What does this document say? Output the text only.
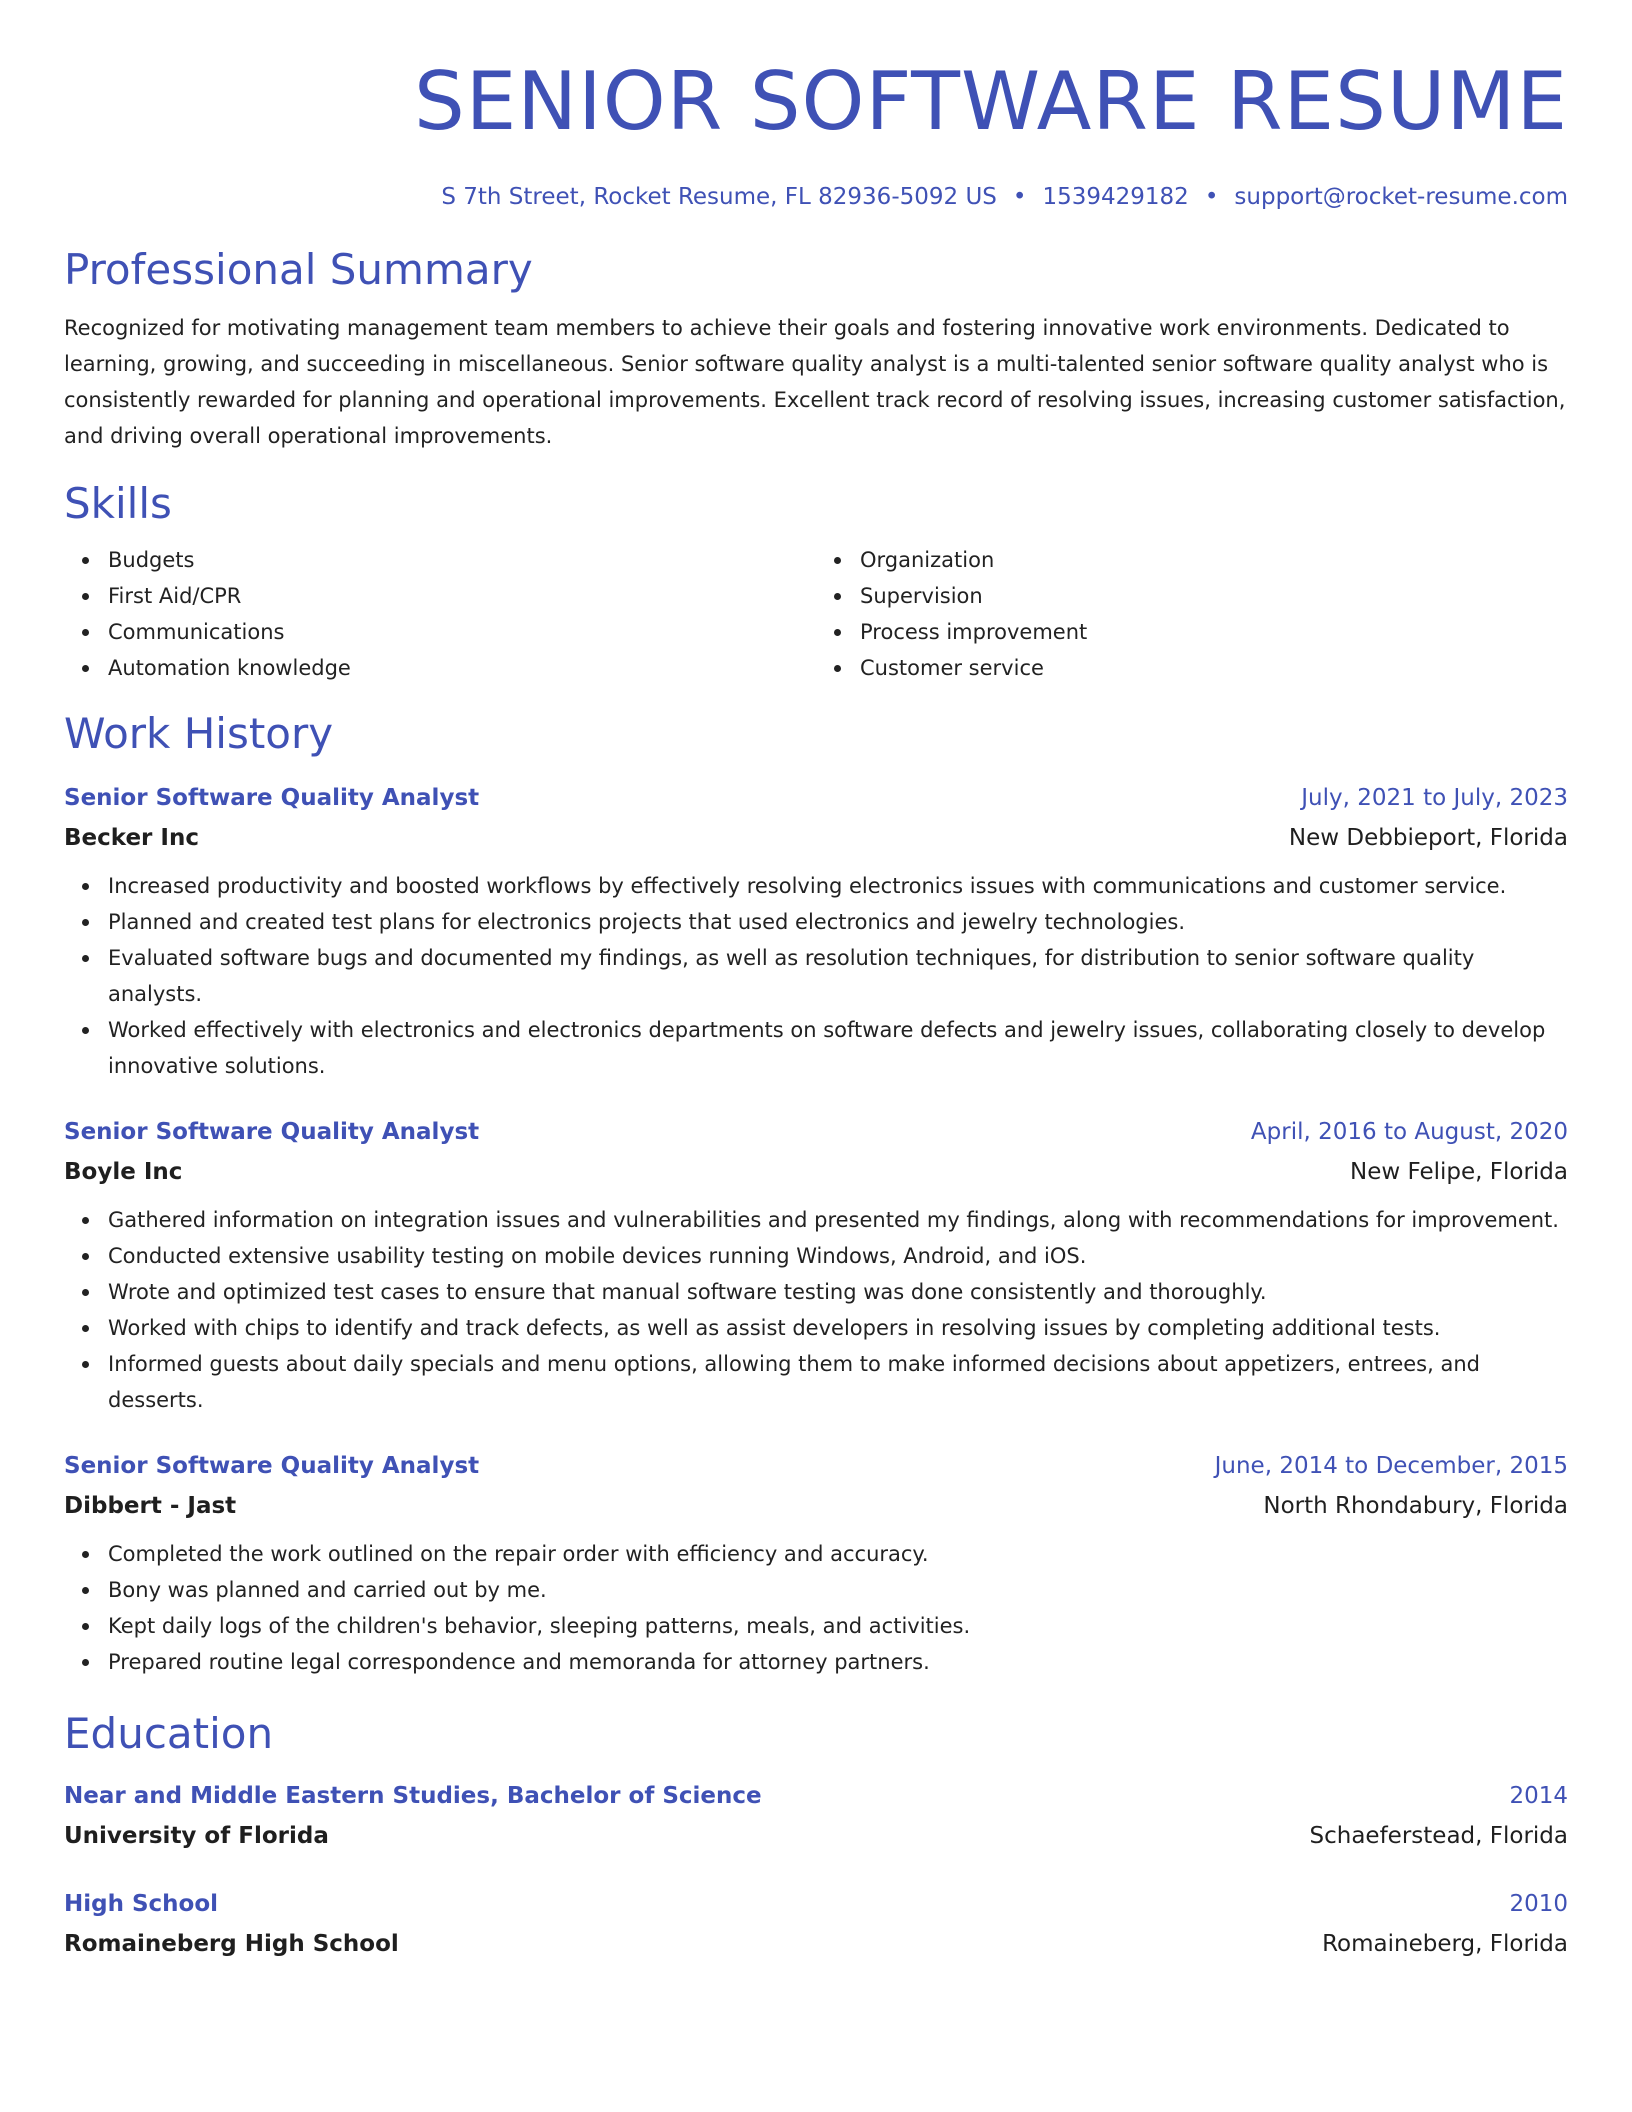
SENIOR SOFTWARE RESUME
S 7th Street, Rocket Resume, FL 82936-5092 US • 1539429182 • support@rocket-resume.com
Professional Summary

Recognized for motivating management team members to achieve their goals and fostering innovative work environments. Dedicated to learning, growing, and succeeding in miscellaneous. Senior software quality analyst is a multi-talented senior software quality analyst who is consistently rewarded for planning and operational improvements. Excellent track record of resolving issues, increasing customer satisfaction, and driving overall operational improvements.

Skills
Budgets
First Aid/CPR
Communications
Automation knowledge
Organization
Supervision
Process improvement
Customer service
Work History
Senior Software Quality Analyst	July, 2021 to July, 2023
Becker Inc	New Debbieport, Florida
Increased productivity and boosted workflows by effectively resolving electronics issues with communications and customer service.
Planned and created test plans for electronics projects that used electronics and jewelry technologies.
Evaluated software bugs and documented my findings, as well as resolution techniques, for distribution to senior software quality analysts.
Worked effectively with electronics and electronics departments on software defects and jewelry issues, collaborating closely to develop innovative solutions.
Senior Software Quality Analyst	April, 2016 to August, 2020
Boyle Inc	New Felipe, Florida
Gathered information on integration issues and vulnerabilities and presented my findings, along with recommendations for improvement.
Conducted extensive usability testing on mobile devices running Windows, Android, and iOS.
Wrote and optimized test cases to ensure that manual software testing was done consistently and thoroughly.
Worked with chips to identify and track defects, as well as assist developers in resolving issues by completing additional tests.
Informed guests about daily specials and menu options, allowing them to make informed decisions about appetizers, entrees, and desserts.
Senior Software Quality Analyst	June, 2014 to December, 2015
Dibbert - Jast	North Rhondabury, Florida
Completed the work outlined on the repair order with efficiency and accuracy.
Bony was planned and carried out by me.
Kept daily logs of the children's behavior, sleeping patterns, meals, and activities.
Prepared routine legal correspondence and memoranda for attorney partners.
Education
Near and Middle Eastern Studies, Bachelor of Science	2014
University of Florida	Schaeferstead, Florida
High School	2010
Romaineberg High School	Romaineberg, Florida
